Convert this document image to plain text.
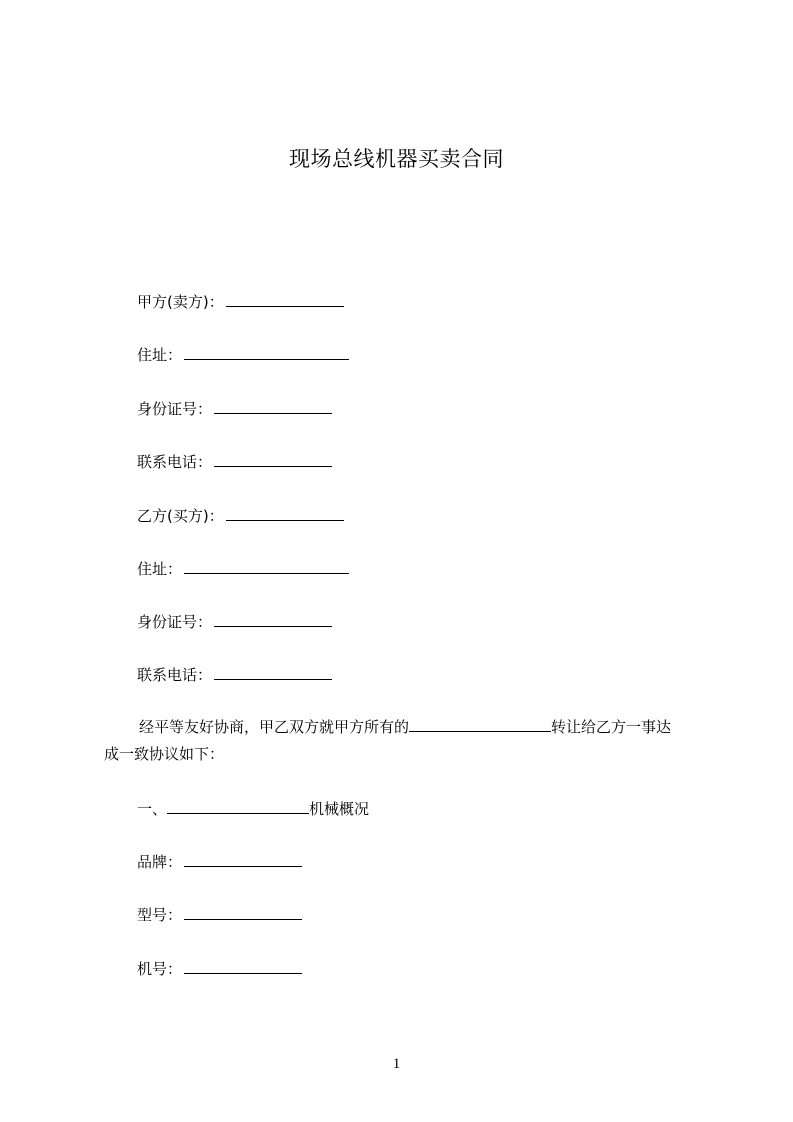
现场总线机器买卖合同
甲方(卖方)：
住址：
身份证号：
联系电话：
乙方(买方)：
住址：
身份证号：
联系电话：
经平等友好协商，甲乙双方就甲方所有的	转让给乙方一事达
成一致协议如下：
一、	机械概况
品牌：
型号：
机号：
1
